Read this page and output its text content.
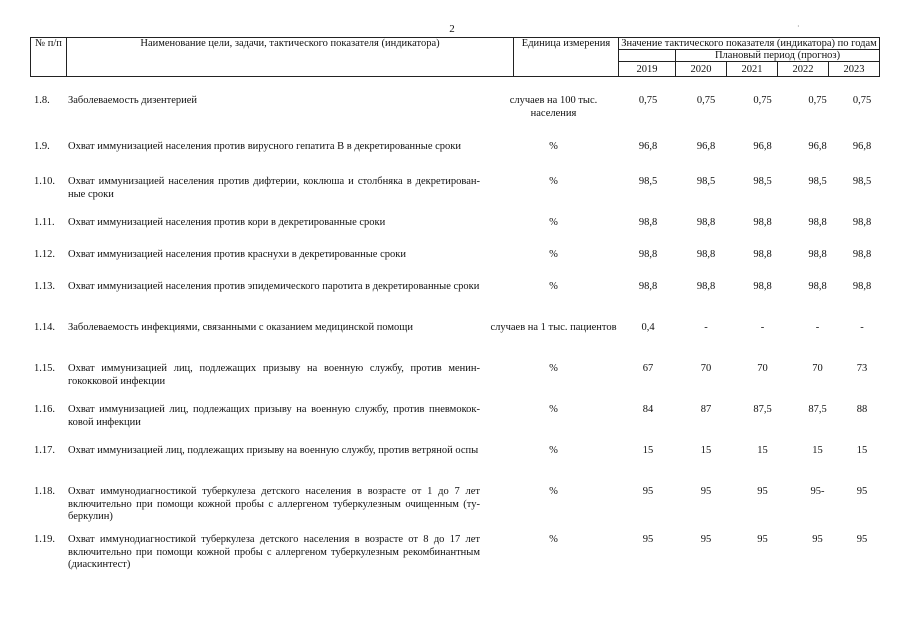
2	·
№ п/п	Наименование цели, задачи, тактического показателя (индикатора)	Единица измерения	Значение тактического показателя (индикатора) по годам				
				Плановый период (прогноз)			
			2019	2020	2021	2022	2023
1.8.	Заболеваемость дизентерией	случаев на 100 тыс. населения	0,75	0,75	0,75	0,75	0,75
1.9.	Охват иммунизацией населения против вирусного гепатита В в декретированные сроки	%	96,8	96,8	96,8	96,8	96,8
1.10.	Охват иммунизацией населения против дифтерии, коклюша и столбняка в декретирован-ные сроки	%	98,5	98,5	98,5	98,5	98,5
1.11.	Охват иммунизацией населения против кори в декретированные сроки	%	98,8	98,8	98,8	98,8	98,8
1.12.	Охват иммунизацией населения против краснухи в декретированные сроки	%	98,8	98,8	98,8	98,8	98,8
1.13.	Охват иммунизацией населения против эпидемического паротита в декретированные сроки	%	98,8	98,8	98,8	98,8	98,8
1.14.	Заболеваемость инфекциями, связанными с оказанием медицинской помощи	случаев на 1 тыс. пациентов	0,4	-	-	-	-
1.15.	Охват иммунизацией лиц, подлежащих призыву на военную службу, против менин-гококковой инфекции	%	67	70	70	70	73
1.16.	Охват иммунизацией лиц, подлежащих призыву на военную службу, против пневмокок-ковой инфекции	%	84	87	87,5	87,5	88
1.17.	Охват иммунизацией лиц, подлежащих призыву на военную службу, против ветряной оспы	%	15	15	15	15	15
1.18.	Охват иммунодиагностикой туберкулеза детского населения в возрасте от 1 до 7 лет включительно при помощи кожной пробы с аллергеном туберкулезным очищенным (ту-беркулин)	%	95	95	95	95-	95
1.19.	Охват иммунодиагностикой туберкулеза детского населения в возрасте от 8 до 17 лет включительно при помощи кожной пробы с аллергеном туберкулезным рекомбинантным (диаскинтест)	%	95	95	95	95	95
